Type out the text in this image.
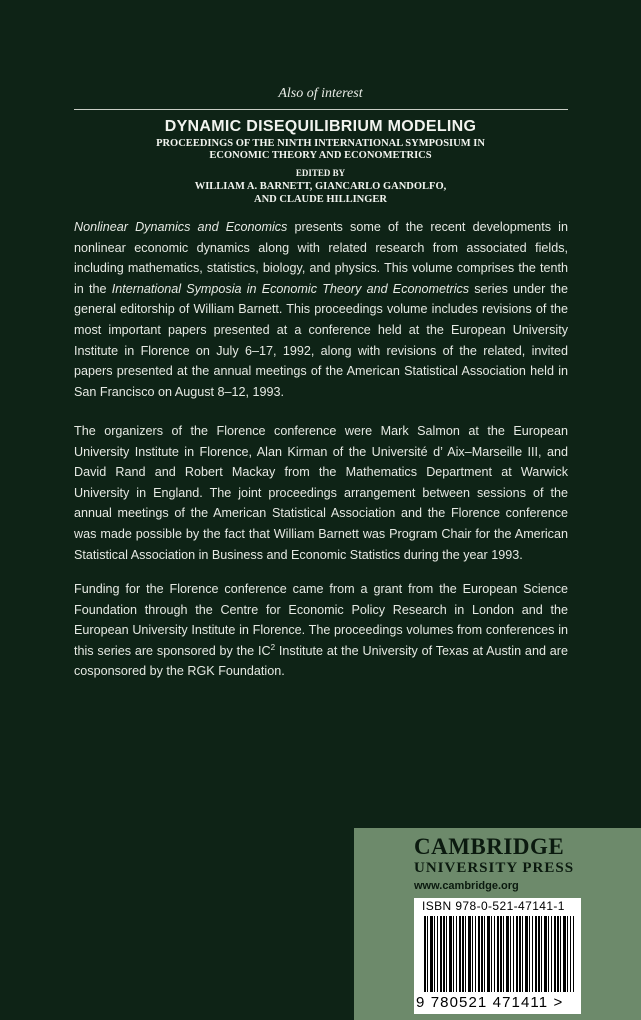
Also of interest
DYNAMIC DISEQUILIBRIUM MODELING
PROCEEDINGS OF THE NINTH INTERNATIONAL SYMPOSIUM IN
ECONOMIC THEORY AND ECONOMETRICS
EDITED BY
WILLIAM A. BARNETT, GIANCARLO GANDOLFO,
AND CLAUDE HILLINGER
Nonlinear Dynamics and Economics presents some of the recent developments in nonlinear economic dynamics along with related research from associated fields, including mathematics, statistics, biology, and physics. This volume comprises the tenth in the International Symposia in Economic Theory and Econometrics series under the general editorship of William Barnett. This proceedings volume includes revisions of the most important papers presented at a conference held at the European University Institute in Florence on July 6–17, 1992, along with revisions of the related, invited papers presented at the annual meetings of the American Statistical Association held in San Francisco on August 8–12, 1993.
The organizers of the Florence conference were Mark Salmon at the European University Institute in Florence, Alan Kirman of the Université d’ Aix–Marseille III, and David Rand and Robert Mackay from the Mathematics Department at Warwick University in England. The joint proceedings arrangement between sessions of the annual meetings of the American Statistical Association and the Florence conference was made possible by the fact that William Barnett was Program Chair for the American Statistical Association in Business and Economic Statistics during the year 1993.
Funding for the Florence conference came from a grant from the European Science Foundation through the Centre for Economic Policy Research in London and the European University Institute in Florence. The proceedings volumes from conferences in this series are sponsored by the $IC^2$ Institute at the University of Texas at Austin and are cosponsored by the RGK Foundation.
CAMBRIDGE
UNIVERSITY PRESS
www.cambridge.org
ISBN 978-0-521-47141-1
9 780521 471411 >
